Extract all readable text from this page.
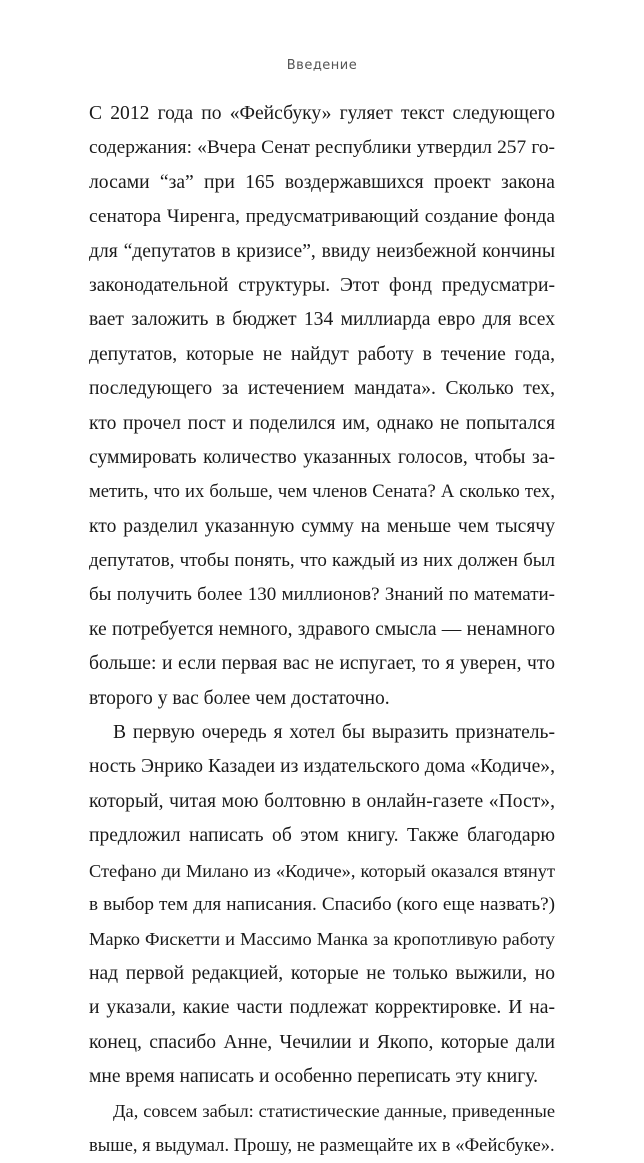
Введение
С 2012 года по «Фейсбуку» гуляет текст следующего
содержания: «Вчера Сенат республики утвердил 257 го-
лосами “за” при 165 воздержавшихся проект закона
сенатора Чиренга, предусматривающий создание фонда
для “депутатов в кризисе”, ввиду неизбежной кончины
законодательной структуры. Этот фонд предусматри-
вает заложить в бюджет 134 миллиарда евро для всех
депутатов, которые не найдут работу в течение года,
последующего за истечением мандата». Сколько тех,
кто прочел пост и поделился им, однако не попытался
суммировать количество указанных голосов, чтобы за-
метить, что их больше, чем членов Сената? А сколько тех,
кто разделил указанную сумму на меньше чем тысячу
депутатов, чтобы понять, что каждый из них должен был
бы получить более 130 миллионов? Знаний по математи-
ке потребуется немного, здравого смысла — ненамного
больше: и если первая вас не испугает, то я уверен, что
второго у вас более чем достаточно.
В первую очередь я хотел бы выразить признатель-
ность Энрико Казадеи из издательского дома «Кодиче»,
который, читая мою болтовню в онлайн-газете «Пост»,
предложил написать об этом книгу. Также благодарю
Стефано ди Милано из «Кодиче», который оказался втянут
в выбор тем для написания. Спасибо (кого еще назвать?)
Марко Фискетти и Массимо Манка за кропотливую работу
над первой редакцией, которые не только выжили, но
и указали, какие части подлежат корректировке. И на-
конец, спасибо Анне, Чечилии и Якопо, которые дали
мне время написать и особенно переписать эту книгу.
Да, совсем забыл: статистические данные, приведенные
выше, я выдумал. Прошу, не размещайте их в «Фейсбуке».
